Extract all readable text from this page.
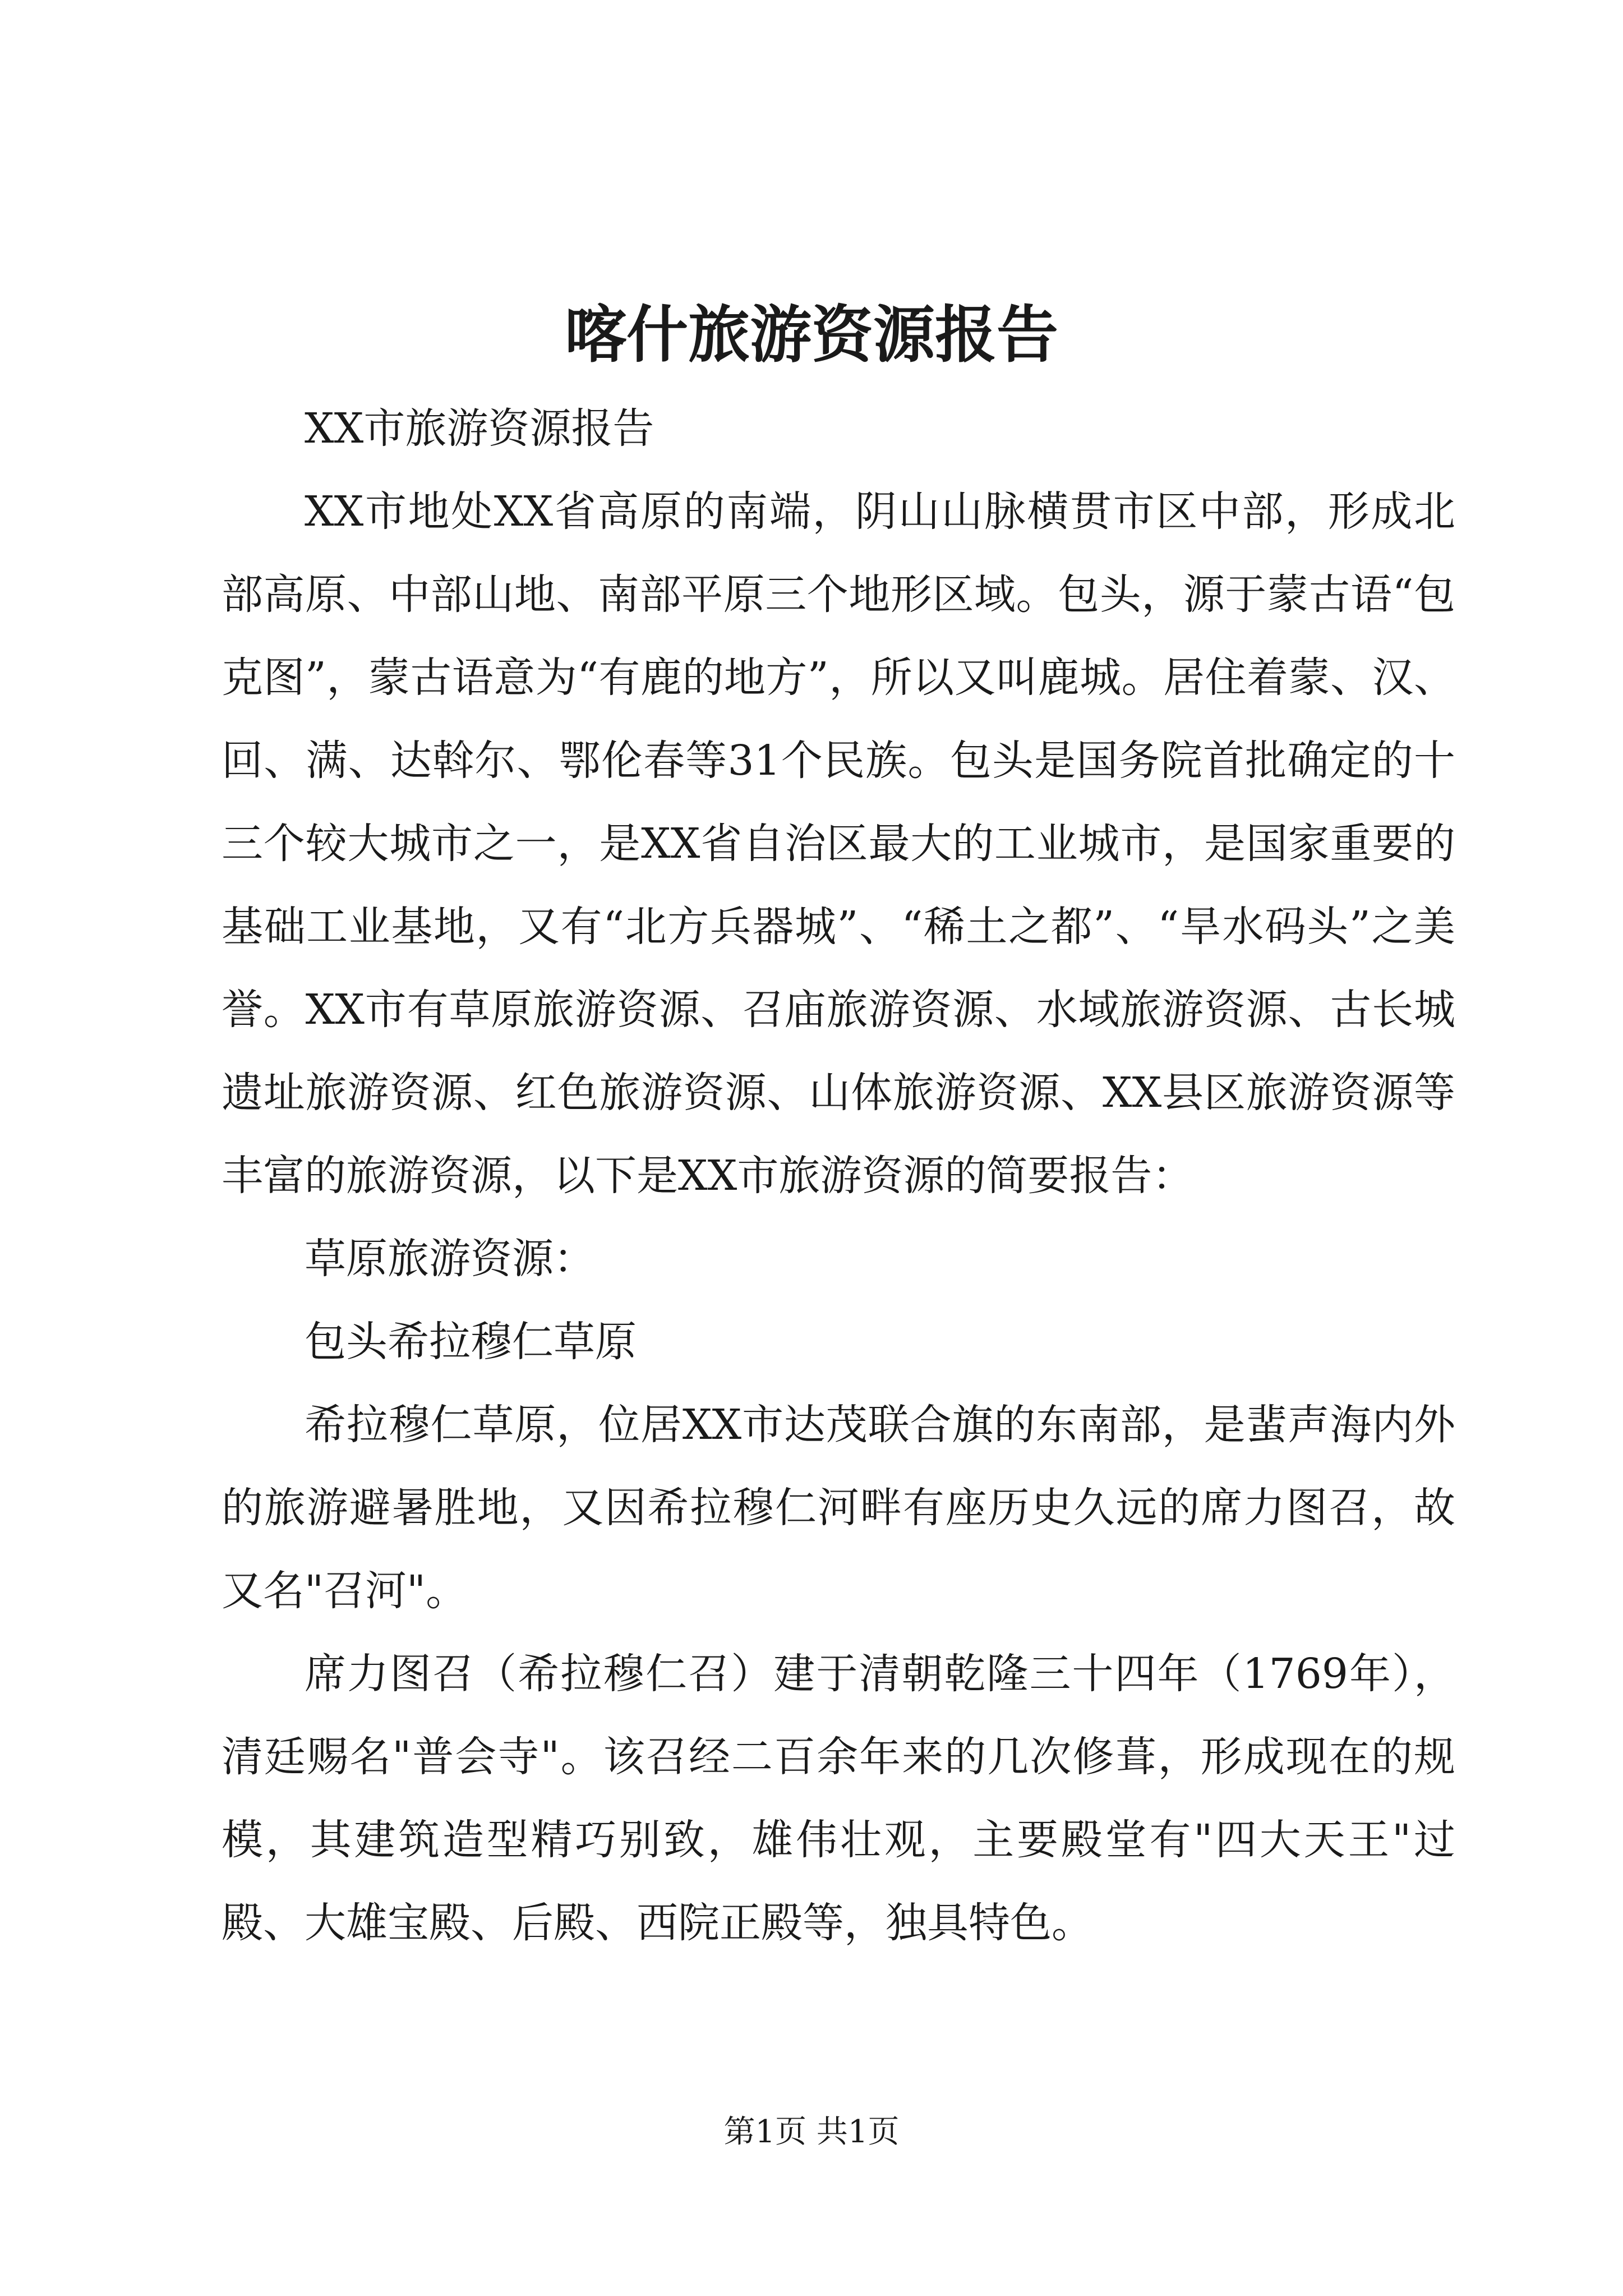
喀什旅游资源报告

XX市旅游资源报告

XX市地处XX省高原的南端，阴山山脉横贯市区中部，形成北部高原、中部山地、南部平原三个地形区域。包头，源于蒙古语“包克图”，蒙古语意为“有鹿的地方”，所以又叫鹿城。居住着蒙、汉、回、满、达斡尔、鄂伦春等31个民族。包头是国务院首批确定的十三个较大城市之一，是XX省自治区最大的工业城市，是国家重要的基础工业基地，又有“北方兵器城”、“稀土之都”、“旱水码头”之美誉。XX市有草原旅游资源、召庙旅游资源、水域旅游资源、古长城遗址旅游资源、红色旅游资源、山体旅游资源、XX县区旅游资源等丰富的旅游资源，以下是XX市旅游资源的简要报告：

草原旅游资源：

包头希拉穆仁草原

希拉穆仁草原，位居XX市达茂联合旗的东南部，是蜚声海内外的旅游避暑胜地，又因希拉穆仁河畔有座历史久远的席力图召，故又名"召河"。

席力图召（希拉穆仁召）建于清朝乾隆三十四年（1769年），清廷赐名"普会寺"。该召经二百余年来的几次修葺，形成现在的规模，其建筑造型精巧别致，雄伟壮观，主要殿堂有"四大天王"过殿、大雄宝殿、后殿、西院正殿等，独具特色。

第1页 共1页
